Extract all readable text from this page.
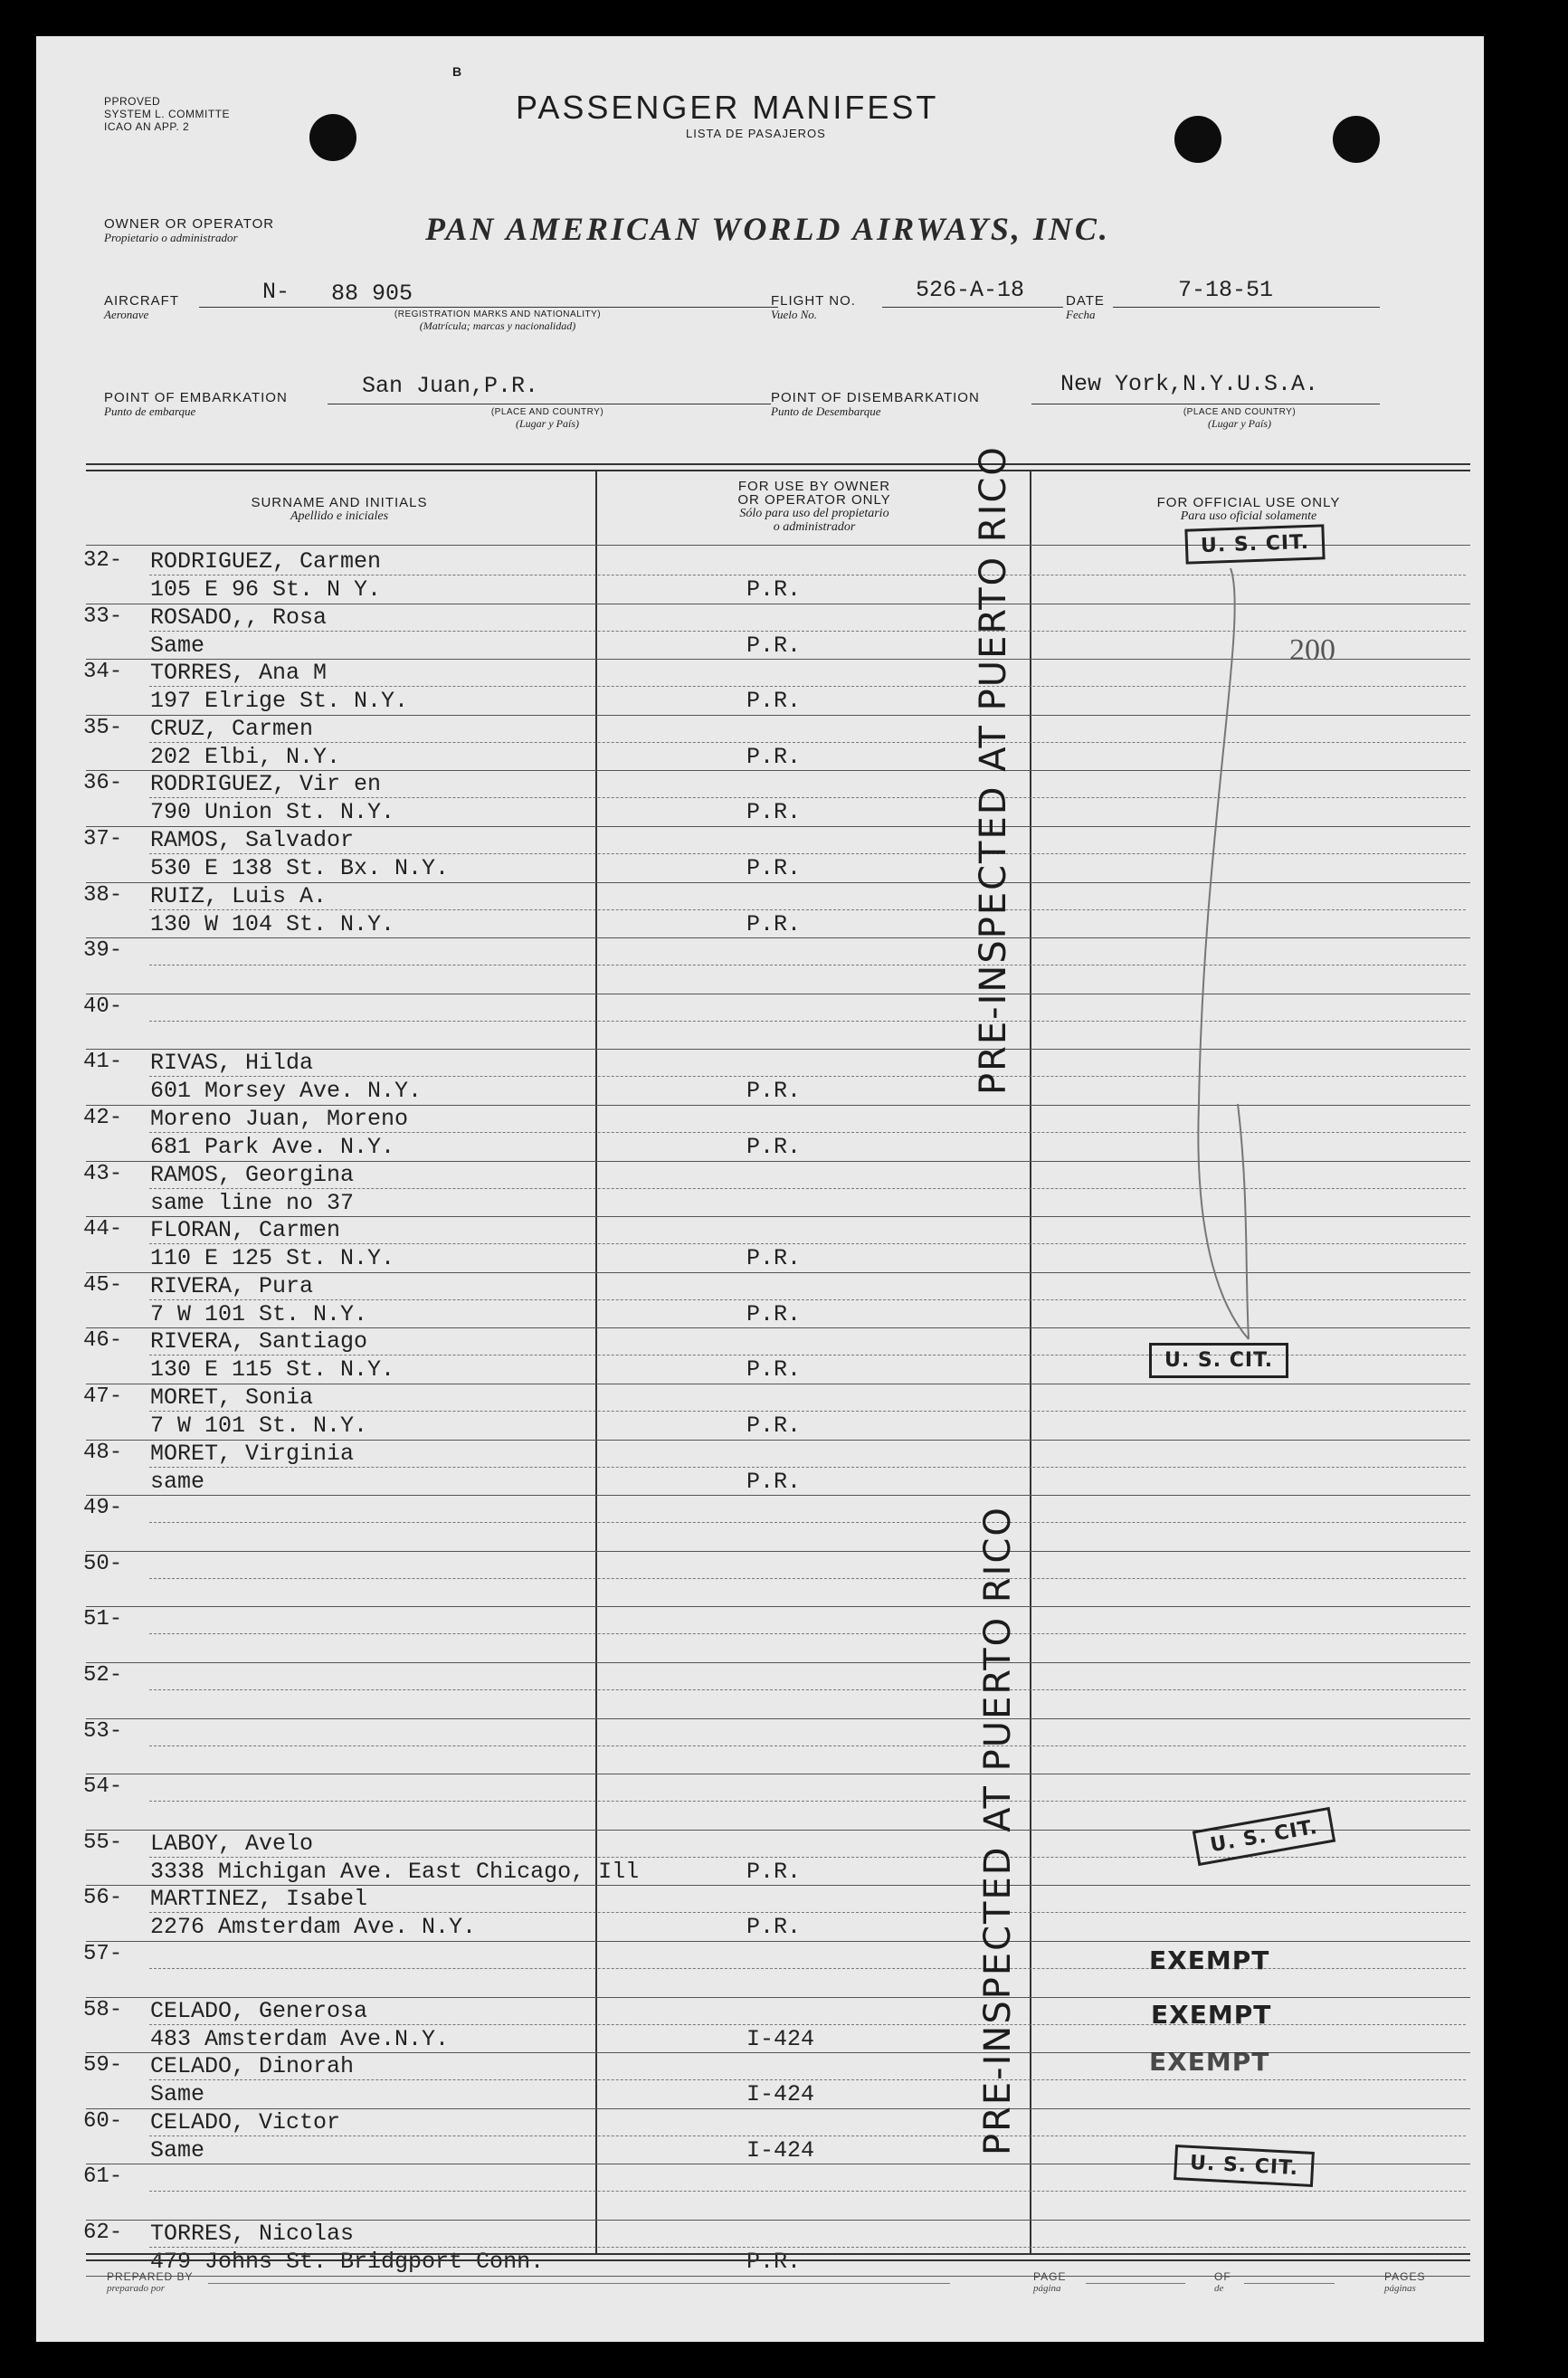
PPROVED
SYSTEM L. COMMITTE
ICAO AN APP. 2
B
PASSENGER MANIFEST
LISTA DE PASAJEROS
OWNER OR OPERATOR
Propietario o administrador	PAN AMERICAN WORLD AIRWAYS, INC.
AIRCRAFT
Aeronave
N- 88 905
(REGISTRATION MARKS AND NATIONALITY)
(Matrícula; marcas y nacionalidad)
FLIGHT NO.
Vuelo No.
526-A-18	DATE
Fecha
7-18-51
POINT OF EMBARKATION
Punto de embarque
San Juan,P.R.
(PLACE AND COUNTRY)
(Lugar y País)
POINT OF DISEMBARKATION
Punto de Desembarque
New York,N.Y.U.S.A.
(PLACE AND COUNTRY)
(Lugar y País)
SURNAME AND INITIALS
Apellido e iniciales
FOR USE BY OWNER
OR OPERATOR ONLY
Sólo para uso del propietario
o administrador
FOR OFFICIAL USE ONLY
Para uso oficial solamente
32- RODRIGUEZ, Carmen
105 E 96 St. N Y.	P.R.
33- ROSADO,, Rosa
Same	P.R.
34- TORRES, Ana M
197 Elrige St. N.Y.	P.R.
35- CRUZ, Carmen
202 Elbi, N.Y.	P.R.
36- RODRIGUEZ, Vir en
790 Union St. N.Y.	P.R.
37- RAMOS, Salvador
530 E 138 St. Bx. N.Y.	P.R.
38- RUIZ, Luis A.
130 W 104 St. N.Y.	P.R.
39-
40-
41- RIVAS, Hilda
601 Morsey Ave. N.Y.	P.R.
42- Moreno Juan, Moreno
681 Park Ave. N.Y.	P.R.
43- RAMOS, Georgina
same line no 37
44- FLORAN, Carmen
110 E 125 St. N.Y.	P.R.
45- RIVERA, Pura
7 W 101 St. N.Y.	P.R.
46- RIVERA, Santiago
130 E 115 St. N.Y.	P.R.
47- MORET, Sonia
7 W 101 St. N.Y.	P.R.
48- MORET, Virginia
same	P.R.
49-
50-
51-
52-
53-
54-
55- LABOY, Avelo
3338 Michigan Ave. East Chicago, Ill	P.R.
56- MARTINEZ, Isabel
2276 Amsterdam Ave. N.Y.	P.R.
57-
58- CELADO, Generosa
483 Amsterdam Ave.N.Y.	I-424
59- CELADO, Dinorah
Same	I-424
60- CELADO, Victor
Same	I-424
61-
62- TORRES, Nicolas
479 Johns St. Bridgport Conn.	P.R.
PRE-INSPECTED AT PUERTO RICO
PRE-INSPECTED AT PUERTO RICO
U. S. CIT.
U. S. CIT.
U. S. CIT.
U. S. CIT.
EXEMPT
EXEMPT
EXEMPT
200
PREPARED BY
preparado por
PAGE
página
OF
de
PAGES
páginas
